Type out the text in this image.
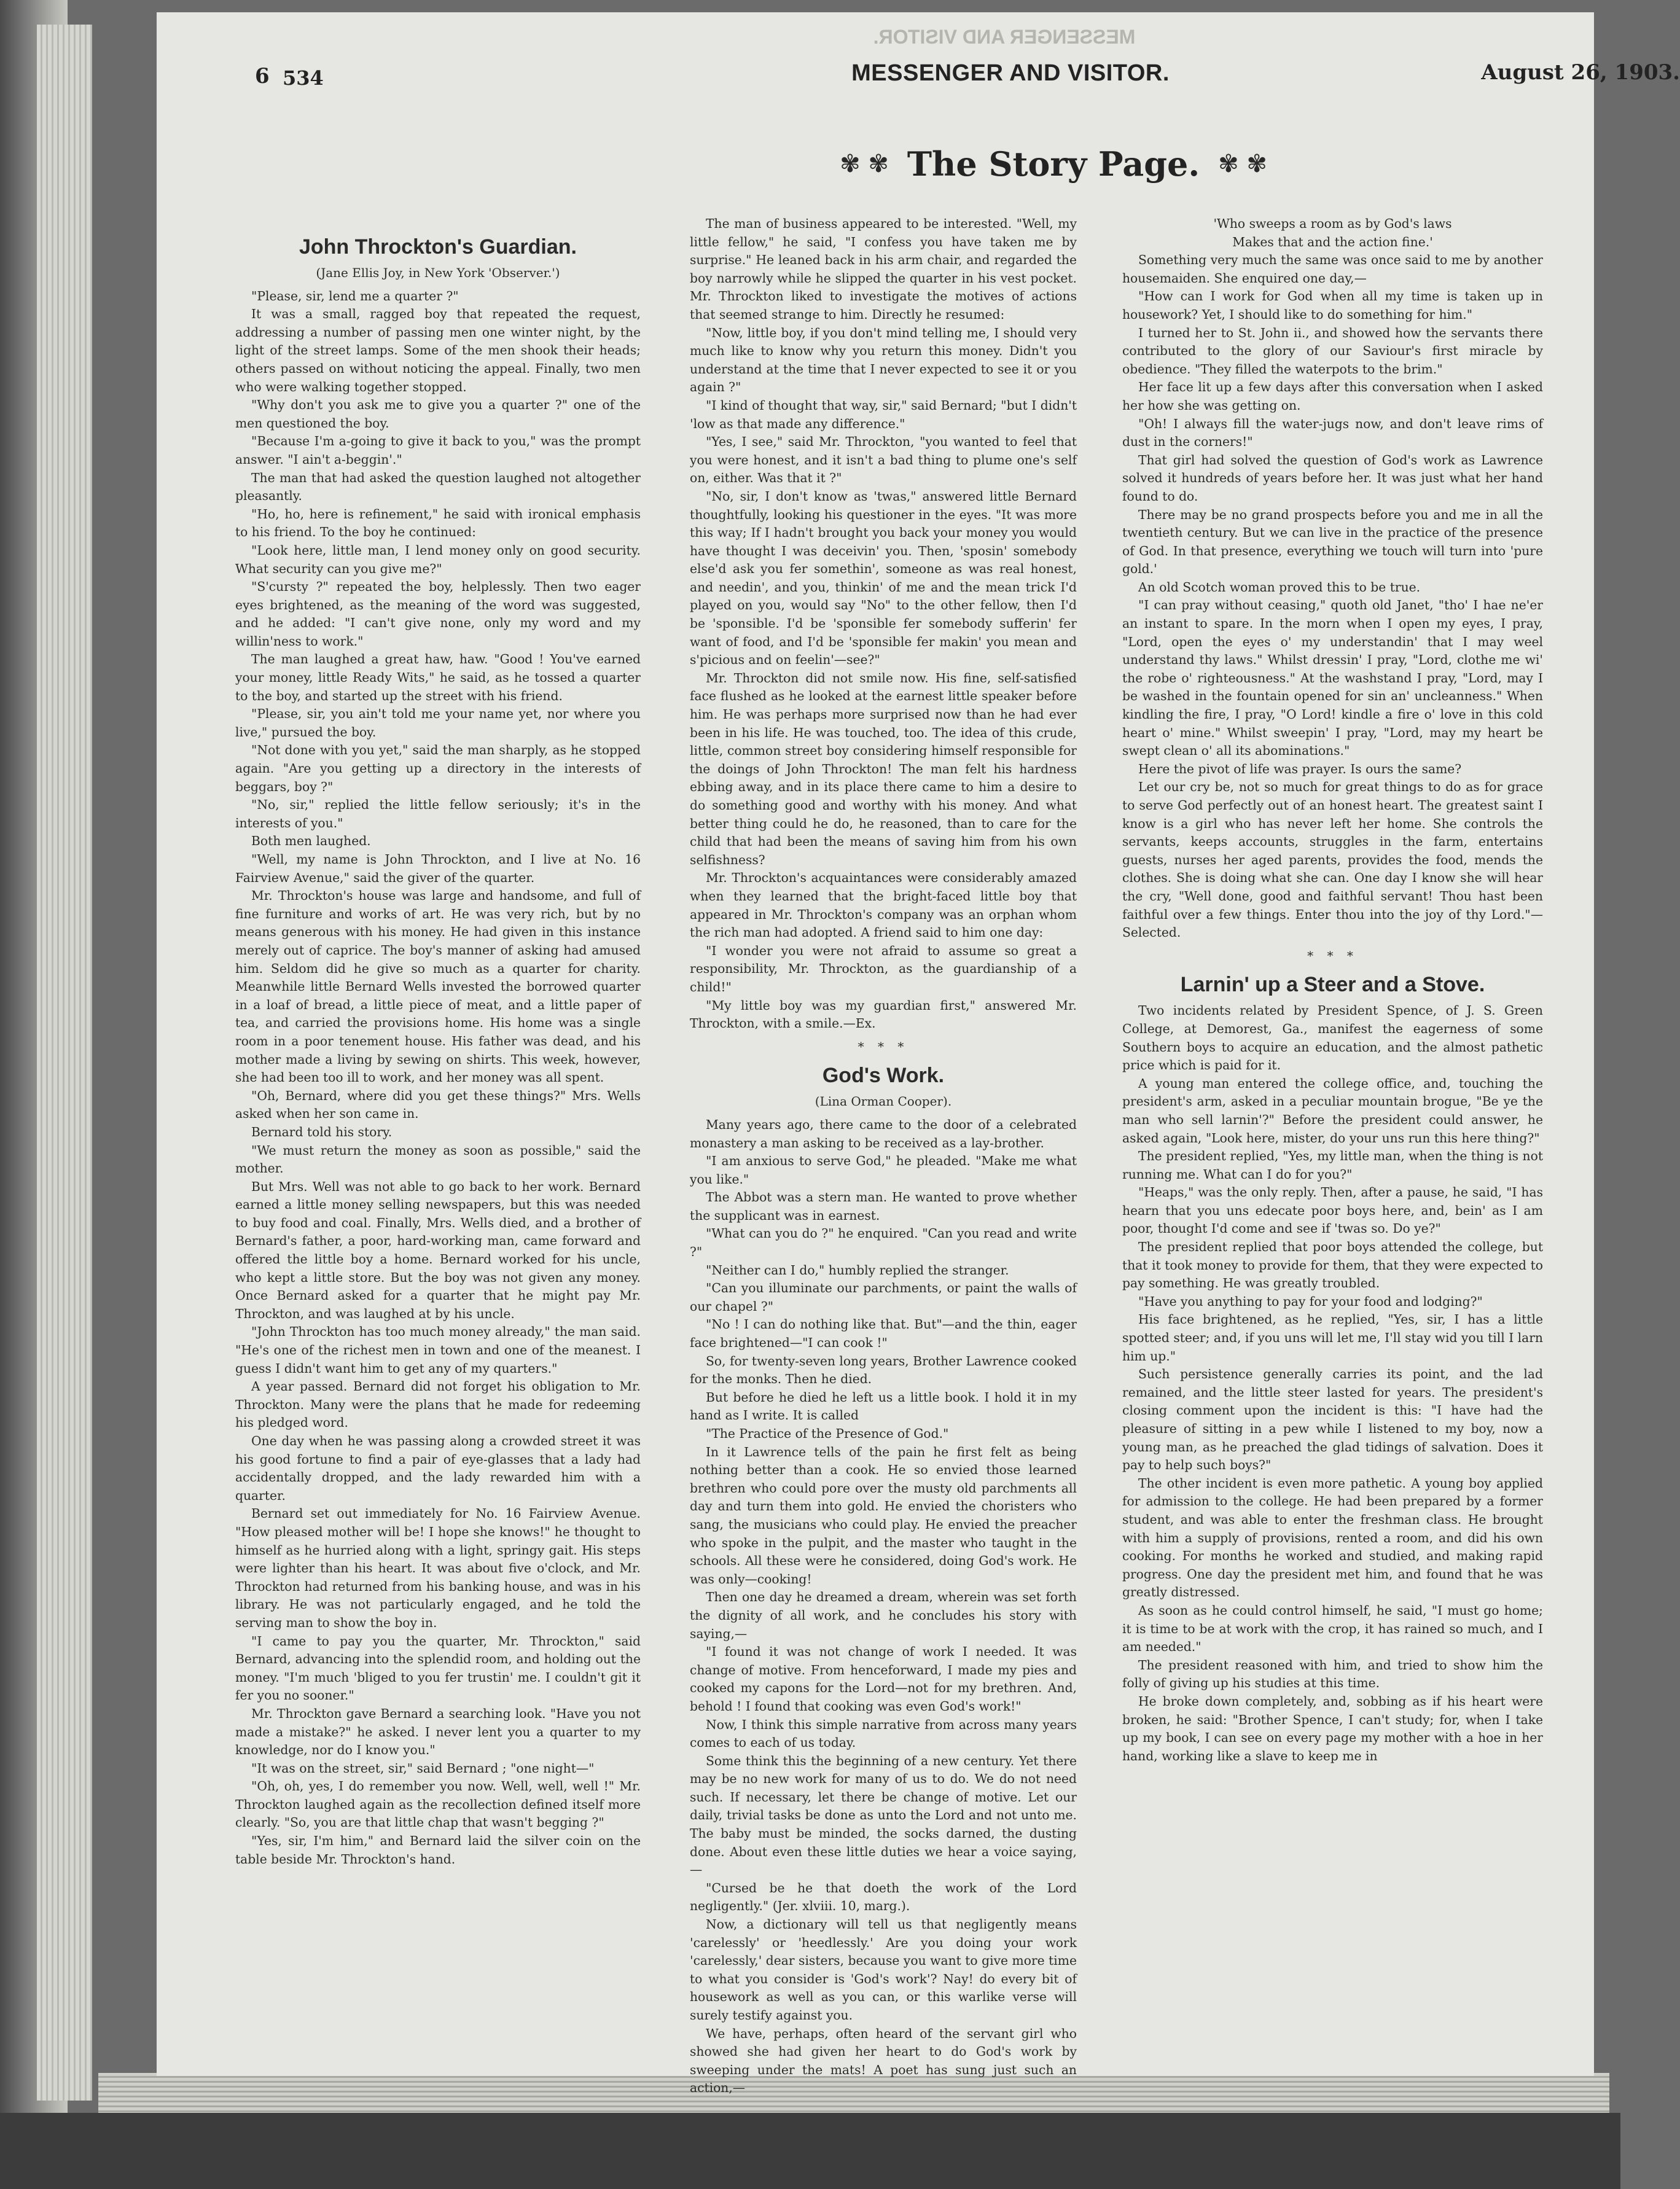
MESSENGER AND VISITOR.
6 534	MESSENGER AND VISITOR.	August 26, 1903.
✾ ✾ The Story Page. ✾ ✾

John Throckton's Guardian.

(Jane Ellis Joy, in New York 'Observer.')

"Please, sir, lend me a quarter ?"

It was a small, ragged boy that repeated the request, addressing a number of passing men one winter night, by the light of the street lamps. Some of the men shook their heads; others passed on without noticing the appeal. Finally, two men who were walking together stopped.

"Why don't you ask me to give you a quarter ?" one of the men questioned the boy.

"Because I'm a-going to give it back to you," was the prompt answer. "I ain't a-beggin'."

The man that had asked the question laughed not altogether pleasantly.

"Ho, ho, here is refinement," he said with ironical emphasis to his friend. To the boy he continued:

"Look here, little man, I lend money only on good security. What security can you give me?"

"S'cursty ?" repeated the boy, helplessly. Then two eager eyes brightened, as the meaning of the word was suggested, and he added: "I can't give none, only my word and my willin'ness to work."

The man laughed a great haw, haw. "Good ! You've earned your money, little Ready Wits," he said, as he tossed a quarter to the boy, and started up the street with his friend.

"Please, sir, you ain't told me your name yet, nor where you live," pursued the boy.

"Not done with you yet," said the man sharply, as he stopped again. "Are you getting up a directory in the interests of beggars, boy ?"

"No, sir," replied the little fellow seriously; it's in the interests of you."

Both men laughed.

"Well, my name is John Throckton, and I live at No. 16 Fairview Avenue," said the giver of the quarter.

Mr. Throckton's house was large and handsome, and full of fine furniture and works of art. He was very rich, but by no means generous with his money. He had given in this instance merely out of caprice. The boy's manner of asking had amused him. Seldom did he give so much as a quarter for charity. Meanwhile little Bernard Wells invested the borrowed quarter in a loaf of bread, a little piece of meat, and a little paper of tea, and carried the provisions home. His home was a single room in a poor tenement house. His father was dead, and his mother made a living by sewing on shirts. This week, however, she had been too ill to work, and her money was all spent.

"Oh, Bernard, where did you get these things?" Mrs. Wells asked when her son came in.

Bernard told his story.

"We must return the money as soon as possible," said the mother.

But Mrs. Well was not able to go back to her work. Bernard earned a little money selling newspapers, but this was needed to buy food and coal. Finally, Mrs. Wells died, and a brother of Bernard's father, a poor, hard-working man, came forward and offered the little boy a home. Bernard worked for his uncle, who kept a little store. But the boy was not given any money. Once Bernard asked for a quarter that he might pay Mr. Throckton, and was laughed at by his uncle.

"John Throckton has too much money already," the man said. "He's one of the richest men in town and one of the meanest. I guess I didn't want him to get any of my quarters."

A year passed. Bernard did not forget his obligation to Mr. Throckton. Many were the plans that he made for redeeming his pledged word.

One day when he was passing along a crowded street it was his good fortune to find a pair of eye-glasses that a lady had accidentally dropped, and the lady rewarded him with a quarter.

Bernard set out immediately for No. 16 Fairview Avenue. "How pleased mother will be! I hope she knows!" he thought to himself as he hurried along with a light, springy gait. His steps were lighter than his heart. It was about five o'clock, and Mr. Throckton had returned from his banking house, and was in his library. He was not particularly engaged, and he told the serving man to show the boy in.

"I came to pay you the quarter, Mr. Throckton," said Bernard, advancing into the splendid room, and holding out the money. "I'm much 'bliged to you fer trustin' me. I couldn't git it fer you no sooner."

Mr. Throckton gave Bernard a searching look. "Have you not made a mistake?" he asked. I never lent you a quarter to my knowledge, nor do I know you."

"It was on the street, sir," said Bernard ; "one night—"

"Oh, oh, yes, I do remember you now. Well, well, well !" Mr. Throckton laughed again as the recollection defined itself more clearly. "So, you are that little chap that wasn't begging ?"

"Yes, sir, I'm him," and Bernard laid the silver coin on the table beside Mr. Throckton's hand.

The man of business appeared to be interested. "Well, my little fellow," he said, "I confess you have taken me by surprise." He leaned back in his arm chair, and regarded the boy narrowly while he slipped the quarter in his vest pocket. Mr. Throckton liked to investigate the motives of actions that seemed strange to him. Directly he resumed:

"Now, little boy, if you don't mind telling me, I should very much like to know why you return this money. Didn't you understand at the time that I never expected to see it or you again ?"

"I kind of thought that way, sir," said Bernard; "but I didn't 'low as that made any difference."

"Yes, I see," said Mr. Throckton, "you wanted to feel that you were honest, and it isn't a bad thing to plume one's self on, either. Was that it ?"

"No, sir, I don't know as 'twas," answered little Bernard thoughtfully, looking his questioner in the eyes. "It was more this way; If I hadn't brought you back your money you would have thought I was deceivin' you. Then, 'sposin' somebody else'd ask you fer somethin', someone as was real honest, and needin', and you, thinkin' of me and the mean trick I'd played on you, would say "No" to the other fellow, then I'd be 'sponsible. I'd be 'sponsible fer somebody sufferin' fer want of food, and I'd be 'sponsible fer makin' you mean and s'picious and on feelin'—see?"

Mr. Throckton did not smile now. His fine, self-satisfied face flushed as he looked at the earnest little speaker before him. He was perhaps more surprised now than he had ever been in his life. He was touched, too. The idea of this crude, little, common street boy considering himself responsible for the doings of John Throckton! The man felt his hardness ebbing away, and in its place there came to him a desire to do something good and worthy with his money. And what better thing could he do, he reasoned, than to care for the child that had been the means of saving him from his own selfishness?

Mr. Throckton's acquaintances were considerably amazed when they learned that the bright-faced little boy that appeared in Mr. Throckton's company was an orphan whom the rich man had adopted. A friend said to him one day:

"I wonder you were not afraid to assume so great a responsibility, Mr. Throckton, as the guardianship of a child!"

"My little boy was my guardian first," answered Mr. Throckton, with a smile.—Ex.

* * *

God's Work.

(Lina Orman Cooper).

Many years ago, there came to the door of a celebrated monastery a man asking to be received as a lay-brother.

"I am anxious to serve God," he pleaded. "Make me what you like."

The Abbot was a stern man. He wanted to prove whether the supplicant was in earnest.

"What can you do ?" he enquired. "Can you read and write ?"

"Neither can I do," humbly replied the stranger.

"Can you illuminate our parchments, or paint the walls of our chapel ?"

"No ! I can do nothing like that. But"—and the thin, eager face brightened—"I can cook !"

So, for twenty-seven long years, Brother Lawrence cooked for the monks. Then he died.

But before he died he left us a little book. I hold it in my hand as I write. It is called

"The Practice of the Presence of God."

In it Lawrence tells of the pain he first felt as being nothing better than a cook. He so envied those learned brethren who could pore over the musty old parchments all day and turn them into gold. He envied the choristers who sang, the musicians who could play. He envied the preacher who spoke in the pulpit, and the master who taught in the schools. All these were he considered, doing God's work. He was only—cooking!

Then one day he dreamed a dream, wherein was set forth the dignity of all work, and he concludes his story with saying,—

"I found it was not change of work I needed. It was change of motive. From henceforward, I made my pies and cooked my capons for the Lord—not for my brethren. And, behold ! I found that cooking was even God's work!"

Now, I think this simple narrative from across many years comes to each of us today.

Some think this the beginning of a new century. Yet there may be no new work for many of us to do. We do not need such. If necessary, let there be change of motive. Let our daily, trivial tasks be done as unto the Lord and not unto me. The baby must be minded, the socks darned, the dusting done. About even these little duties we hear a voice saying,—

"Cursed be he that doeth the work of the Lord negligently." (Jer. xlviii. 10, marg.).

Now, a dictionary will tell us that negligently means 'carelessly' or 'heedlessly.' Are you doing your work 'carelessly,' dear sisters, because you want to give more time to what you consider is 'God's work'? Nay! do every bit of housework as well as you can, or this warlike verse will surely testify against you.

We have, perhaps, often heard of the servant girl who showed she had given her heart to do God's work by sweeping under the mats! A poet has sung just such an action,—

'Who sweeps a room as by God's laws

Makes that and the action fine.'

Something very much the same was once said to me by another housemaiden. She enquired one day,—

"How can I work for God when all my time is taken up in housework? Yet, I should like to do something for him."

I turned her to St. John ii., and showed how the servants there contributed to the glory of our Saviour's first miracle by obedience. "They filled the waterpots to the brim."

Her face lit up a few days after this conversation when I asked her how she was getting on.

"Oh! I always fill the water-jugs now, and don't leave rims of dust in the corners!"

That girl had solved the question of God's work as Lawrence solved it hundreds of years before her. It was just what her hand found to do.

There may be no grand prospects before you and me in all the twentieth century. But we can live in the practice of the presence of God. In that presence, everything we touch will turn into 'pure gold.'

An old Scotch woman proved this to be true.

"I can pray without ceasing," quoth old Janet, "tho' I hae ne'er an instant to spare. In the morn when I open my eyes, I pray, "Lord, open the eyes o' my understandin' that I may weel understand thy laws." Whilst dressin' I pray, "Lord, clothe me wi' the robe o' righteousness." At the washstand I pray, "Lord, may I be washed in the fountain opened for sin an' uncleanness." When kindling the fire, I pray, "O Lord! kindle a fire o' love in this cold heart o' mine." Whilst sweepin' I pray, "Lord, may my heart be swept clean o' all its abominations."

Here the pivot of life was prayer. Is ours the same?

Let our cry be, not so much for great things to do as for grace to serve God perfectly out of an honest heart. The greatest saint I know is a girl who has never left her home. She controls the servants, keeps accounts, struggles in the farm, entertains guests, nurses her aged parents, provides the food, mends the clothes. She is doing what she can. One day I know she will hear the cry, "Well done, good and faithful servant! Thou hast been faithful over a few things. Enter thou into the joy of thy Lord."—Selected.

* * *

Larnin' up a Steer and a Stove.

Two incidents related by President Spence, of J. S. Green College, at Demorest, Ga., manifest the eagerness of some Southern boys to acquire an education, and the almost pathetic price which is paid for it.

A young man entered the college office, and, touching the president's arm, asked in a peculiar mountain brogue, "Be ye the man who sell larnin'?" Before the president could answer, he asked again, "Look here, mister, do your uns run this here thing?"

The president replied, "Yes, my little man, when the thing is not running me. What can I do for you?"

"Heaps," was the only reply. Then, after a pause, he said, "I has hearn that you uns edecate poor boys here, and, bein' as I am poor, thought I'd come and see if 'twas so. Do ye?"

The president replied that poor boys attended the college, but that it took money to provide for them, that they were expected to pay something. He was greatly troubled.

"Have you anything to pay for your food and lodging?"

His face brightened, as he replied, "Yes, sir, I has a little spotted steer; and, if you uns will let me, I'll stay wid you till I larn him up."

Such persistence generally carries its point, and the lad remained, and the little steer lasted for years. The president's closing comment upon the incident is this: "I have had the pleasure of sitting in a pew while I listened to my boy, now a young man, as he preached the glad tidings of salvation. Does it pay to help such boys?"

The other incident is even more pathetic. A young boy applied for admission to the college. He had been prepared by a former student, and was able to enter the freshman class. He brought with him a supply of provisions, rented a room, and did his own cooking. For months he worked and studied, and making rapid progress. One day the president met him, and found that he was greatly distressed.

As soon as he could control himself, he said, "I must go home; it is time to be at work with the crop, it has rained so much, and I am needed."

The president reasoned with him, and tried to show him the folly of giving up his studies at this time.

He broke down completely, and, sobbing as if his heart were broken, he said: "Brother Spence, I can't study; for, when I take up my book, I can see on every page my mother with a hoe in her hand, working like a slave to keep me in
